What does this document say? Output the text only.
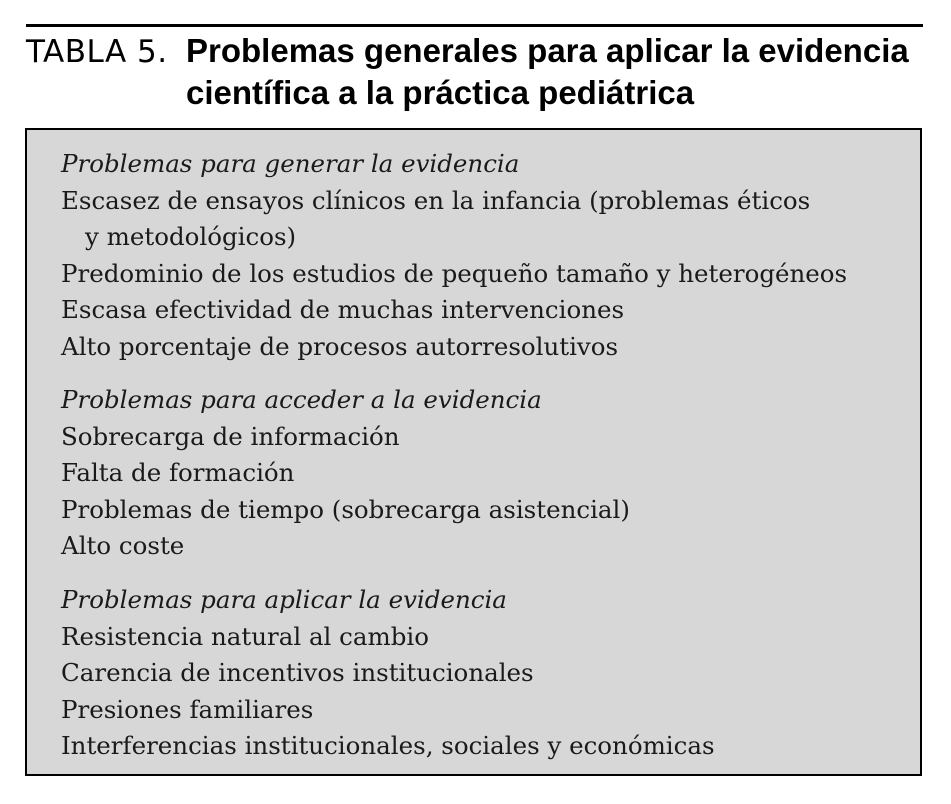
TABLA 5. Problemas generales para aplicar la evidencia
científica a la práctica pediátrica
Problemas para generar la evidencia
Escasez de ensayos clínicos en la infancia (problemas éticos
y metodológicos)
Predominio de los estudios de pequeño tamaño y heterogéneos
Escasa efectividad de muchas intervenciones
Alto porcentaje de procesos autorresolutivos
Problemas para acceder a la evidencia
Sobrecarga de información
Falta de formación
Problemas de tiempo (sobrecarga asistencial)
Alto coste
Problemas para aplicar la evidencia
Resistencia natural al cambio
Carencia de incentivos institucionales
Presiones familiares
Interferencias institucionales, sociales y económicas
